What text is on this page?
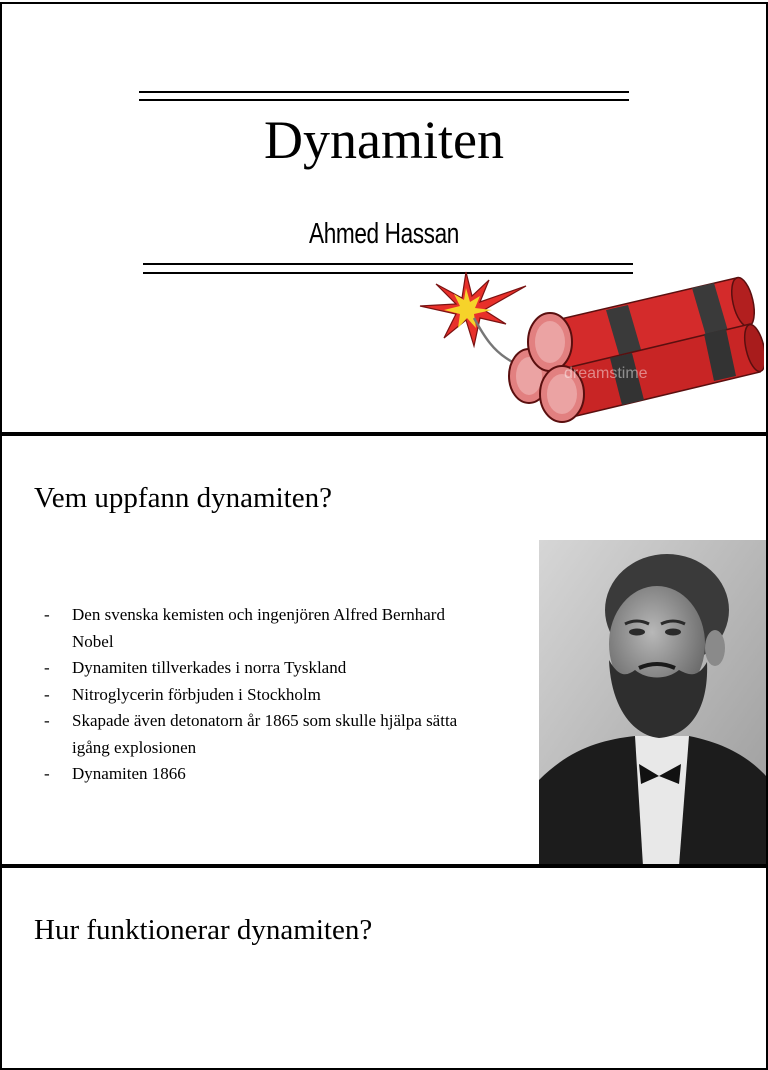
Dynamiten
Ahmed Hassan
dreamstime
Vem uppfann dynamiten?
- Den svenska kemisten och ingenjören Alfred Bernhard Nobel
- Dynamiten tillverkades i norra Tyskland
- Nitroglycerin förbjuden i Stockholm
- Skapade även detonatorn år 1865 som skulle hjälpa sätta igång explosionen
- Dynamiten 1866
Hur funktionerar dynamiten?
